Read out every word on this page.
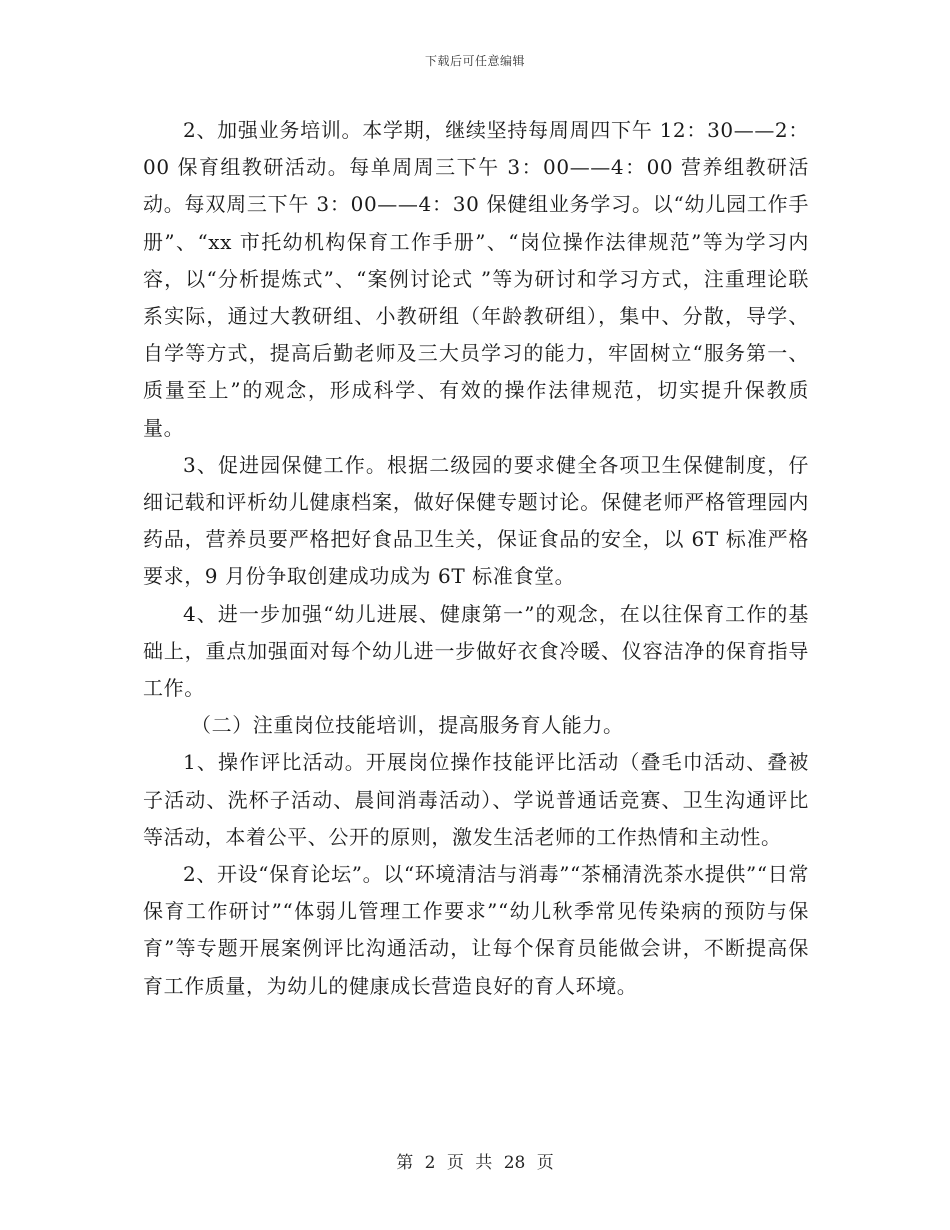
下载后可任意编辑

2、加强业务培训。本学期，继续坚持每周周四下午 12：30——2：00 保育组教研活动。每单周周三下午 3：00——4：00 营养组教研活动。每双周三下午 3：00——4：30 保健组业务学习。以“幼儿园工作手册”、“xx 市托幼机构保育工作手册”、“岗位操作法律规范”等为学习内容，以“分析提炼式”、“案例讨论式 ”等为研讨和学习方式，注重理论联系实际，通过大教研组、小教研组（年龄教研组），集中、分散，导学、自学等方式，提高后勤老师及三大员学习的能力，牢固树立“服务第一、质量至上”的观念，形成科学、有效的操作法律规范，切实提升保教质量。

3、促进园保健工作。根据二级园的要求健全各项卫生保健制度，仔细记载和评析幼儿健康档案，做好保健专题讨论。保健老师严格管理园内药品，营养员要严格把好食品卫生关，保证食品的安全，以 6T 标准严格要求，9 月份争取创建成功成为 6T 标准食堂。

4、进一步加强“幼儿进展、健康第一”的观念，在以往保育工作的基础上，重点加强面对每个幼儿进一步做好衣食冷暖、仪容洁净的保育指导工作。

（二）注重岗位技能培训，提高服务育人能力。

1、操作评比活动。开展岗位操作技能评比活动（叠毛巾活动、叠被子活动、洗杯子活动、晨间消毒活动）、学说普通话竞赛、卫生沟通评比等活动，本着公平、公开的原则，激发生活老师的工作热情和主动性。

2、开设“保育论坛”。以“环境清洁与消毒”“茶桶清洗茶水提供”“日常保育工作研讨”“体弱儿管理工作要求”“幼儿秋季常见传染病的预防与保育”等专题开展案例评比沟通活动，让每个保育员能做会讲，不断提高保育工作质量，为幼儿的健康成长营造良好的育人环境。

第 2 页 共 28 页
